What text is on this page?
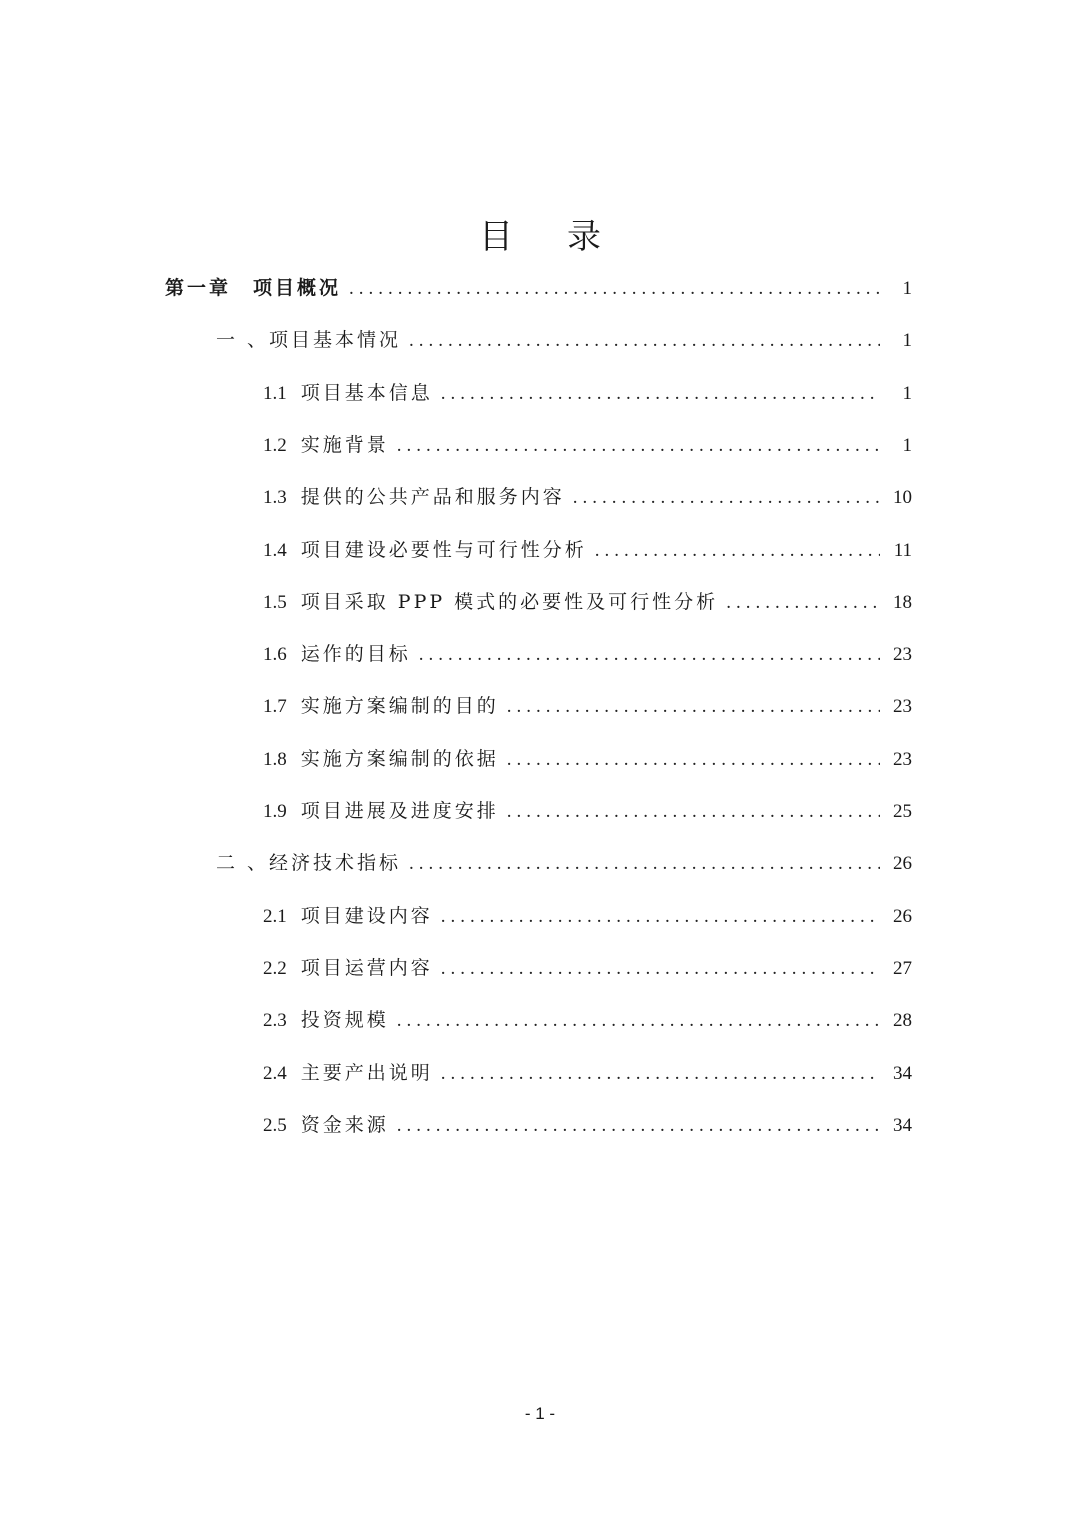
目录
第一章　项目概况 .....	1
一 、项目基本情况 .....	1
1.1 项目基本信息 .....	1
1.2 实施背景 .....	1
1.3 提供的公共产品和服务内容 .....	10
1.4 项目建设必要性与可行性分析 .....	11
1.5 项目采取 PPP 模式的必要性及可行性分析 .....	18
1.6 运作的目标 .....	23
1.7 实施方案编制的目的 .....	23
1.8 实施方案编制的依据 .....	23
1.9 项目进展及进度安排 .....	25
二 、经济技术指标 .....	26
2.1 项目建设内容 .....	26
2.2 项目运营内容 .....	27
2.3 投资规模 .....	28
2.4 主要产出说明 .....	34
2.5 资金来源 .....	34
- 1 -
